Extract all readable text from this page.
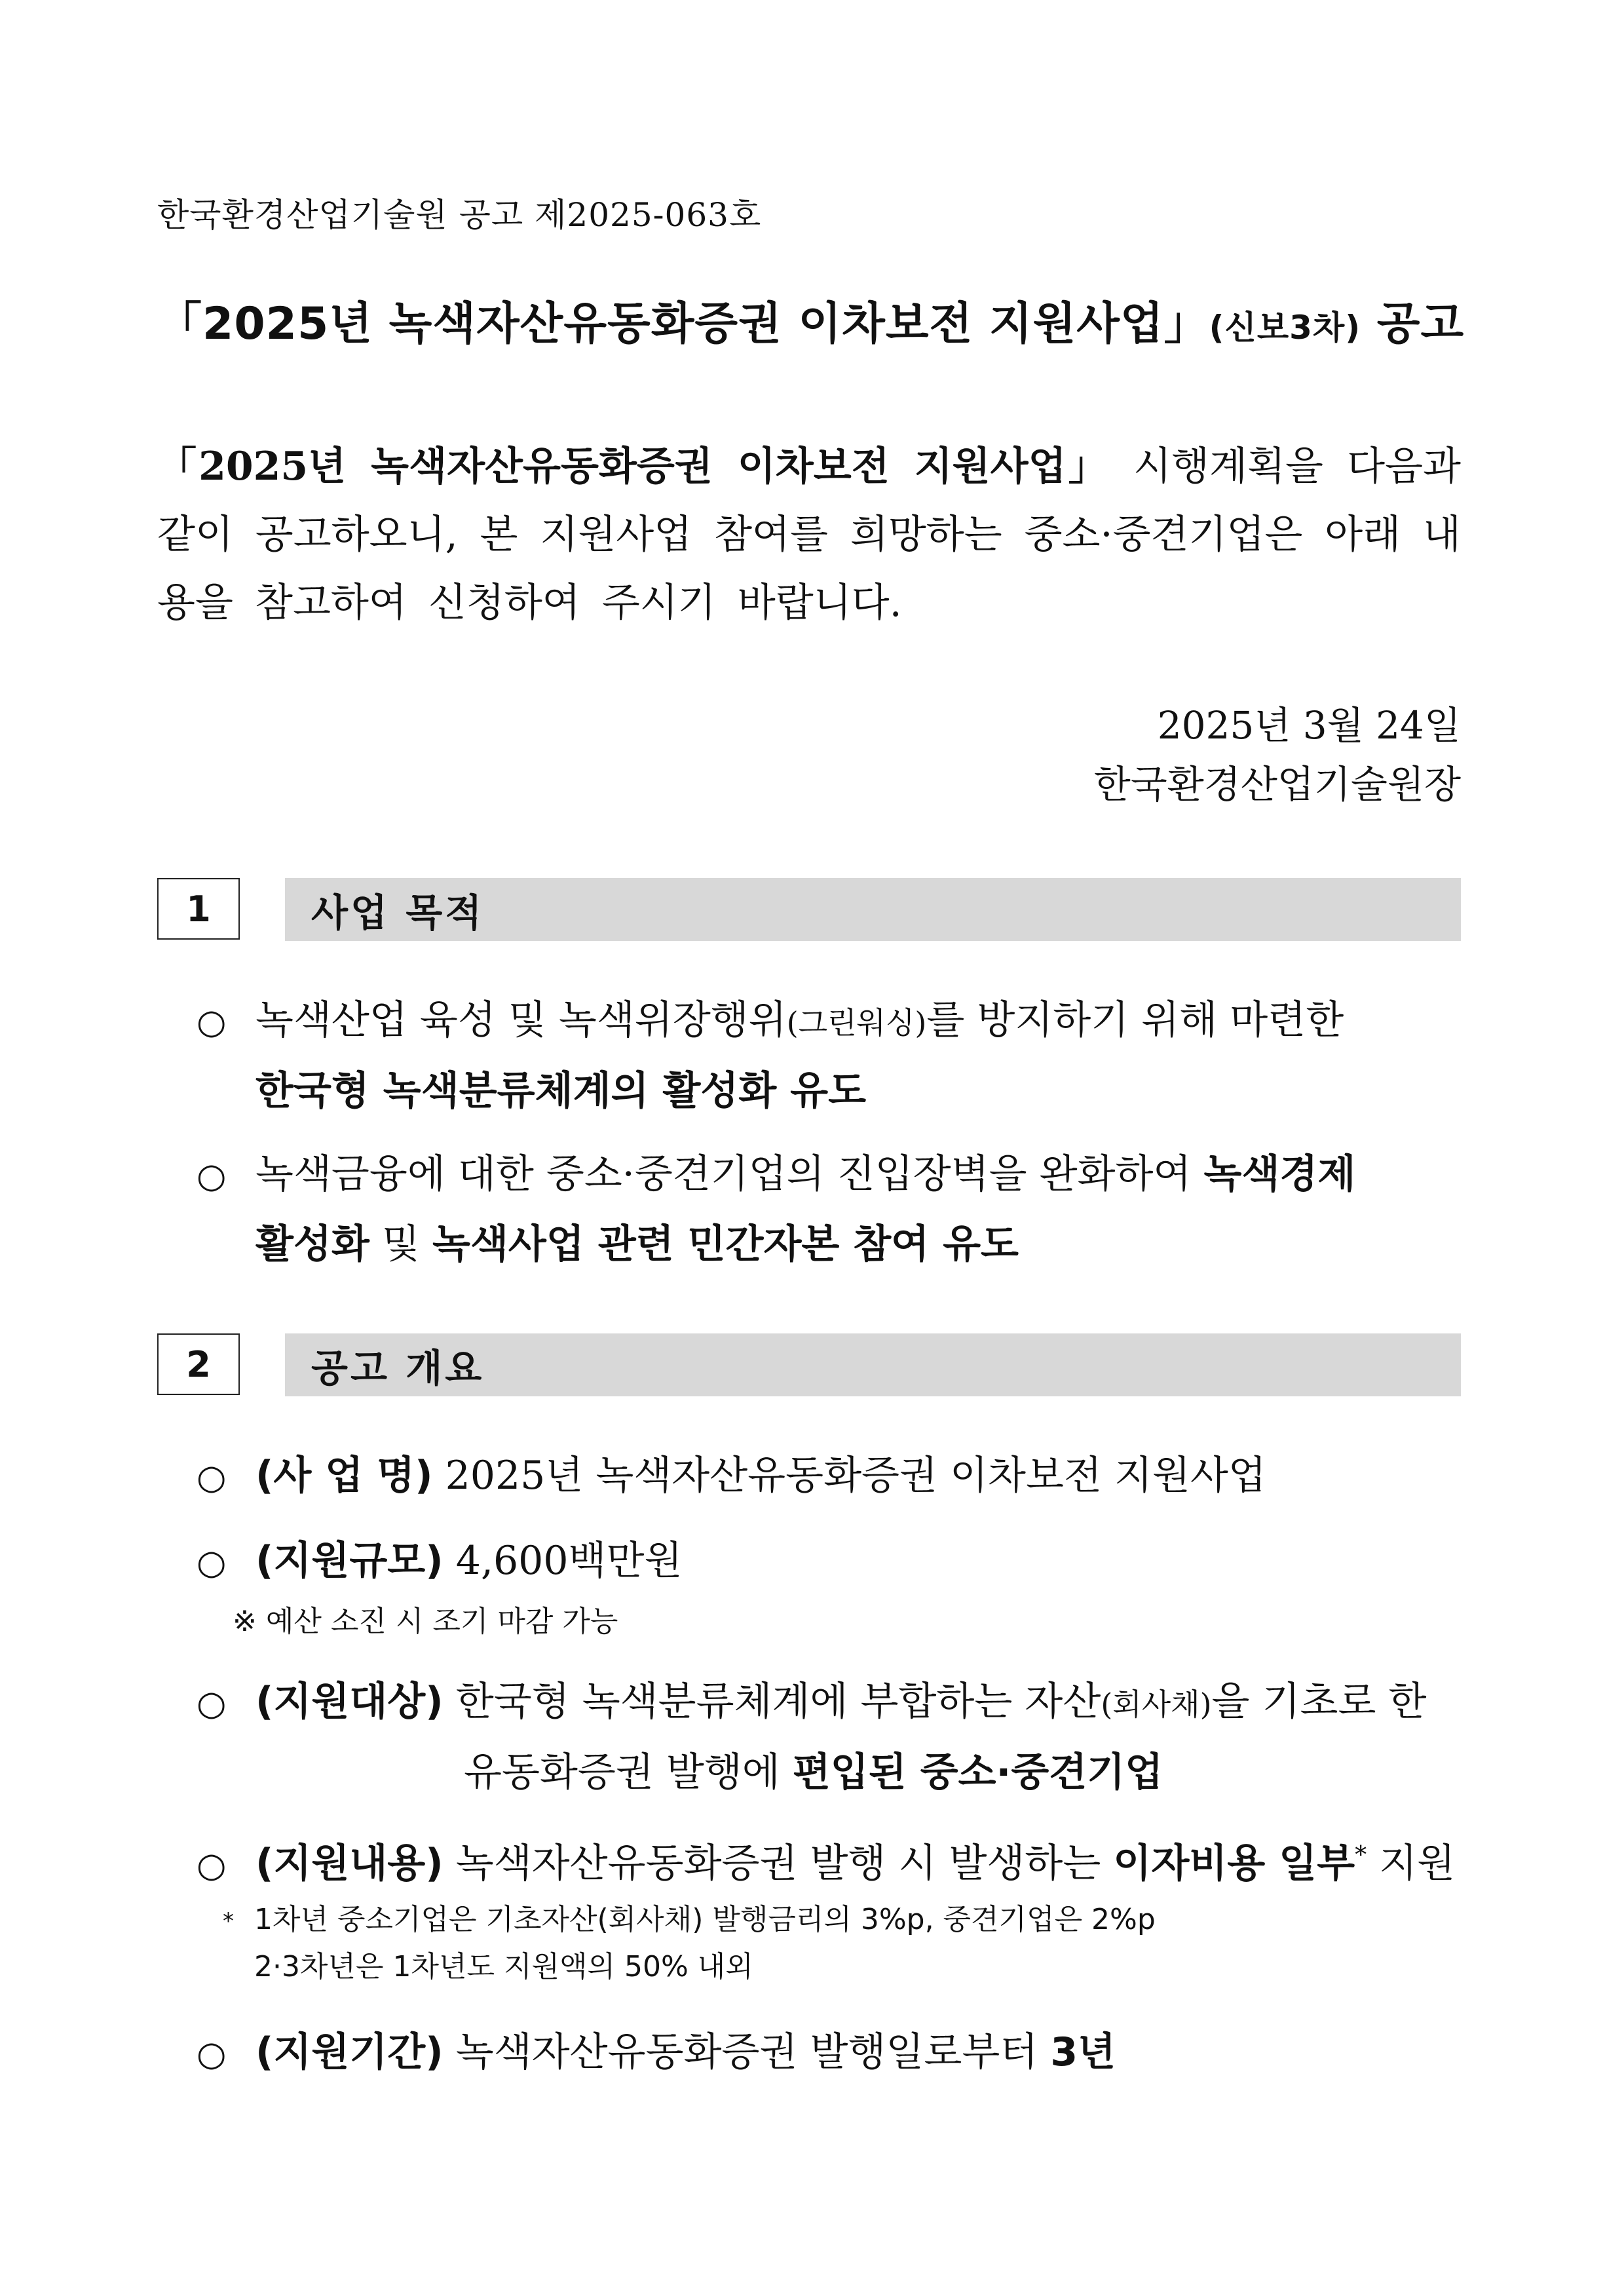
한국환경산업기술원 공고 제2025-063호
「2025년 녹색자산유동화증권 이차보전 지원사업」(신보3차) 공고
「2025년 녹색자산유동화증권 이차보전 지원사업」 시행계획을 다음과 같이 공고하오니, 본 지원사업 참여를 희망하는 중소·중견기업은 아래 내용을 참고하여 신청하여 주시기 바랍니다.
2025년 3월 24일
한국환경산업기술원장
1	사업 목적
○ 녹색산업 육성 및 녹색위장행위(그린워싱)를 방지하기 위해 마련한
한국형 녹색분류체계의 활성화 유도
○ 녹색금융에 대한 중소·중견기업의 진입장벽을 완화하여 녹색경제
활성화 및 녹색사업 관련 민간자본 참여 유도
2	공고 개요
○ (사 업 명) 2025년 녹색자산유동화증권 이차보전 지원사업
○ (지원규모) 4,600백만원
※ 예산 소진 시 조기 마감 가능
○ (지원대상) 한국형 녹색분류체계에 부합하는 자산(회사채)을 기초로 한
유동화증권 발행에 편입된 중소·중견기업
○ (지원내용) 녹색자산유동화증권 발행 시 발생하는 이자비용 일부* 지원
* 1차년 중소기업은 기초자산(회사채) 발행금리의 3%p, 중견기업은 2%p
2·3차년은 1차년도 지원액의 50% 내외
○ (지원기간) 녹색자산유동화증권 발행일로부터 3년
